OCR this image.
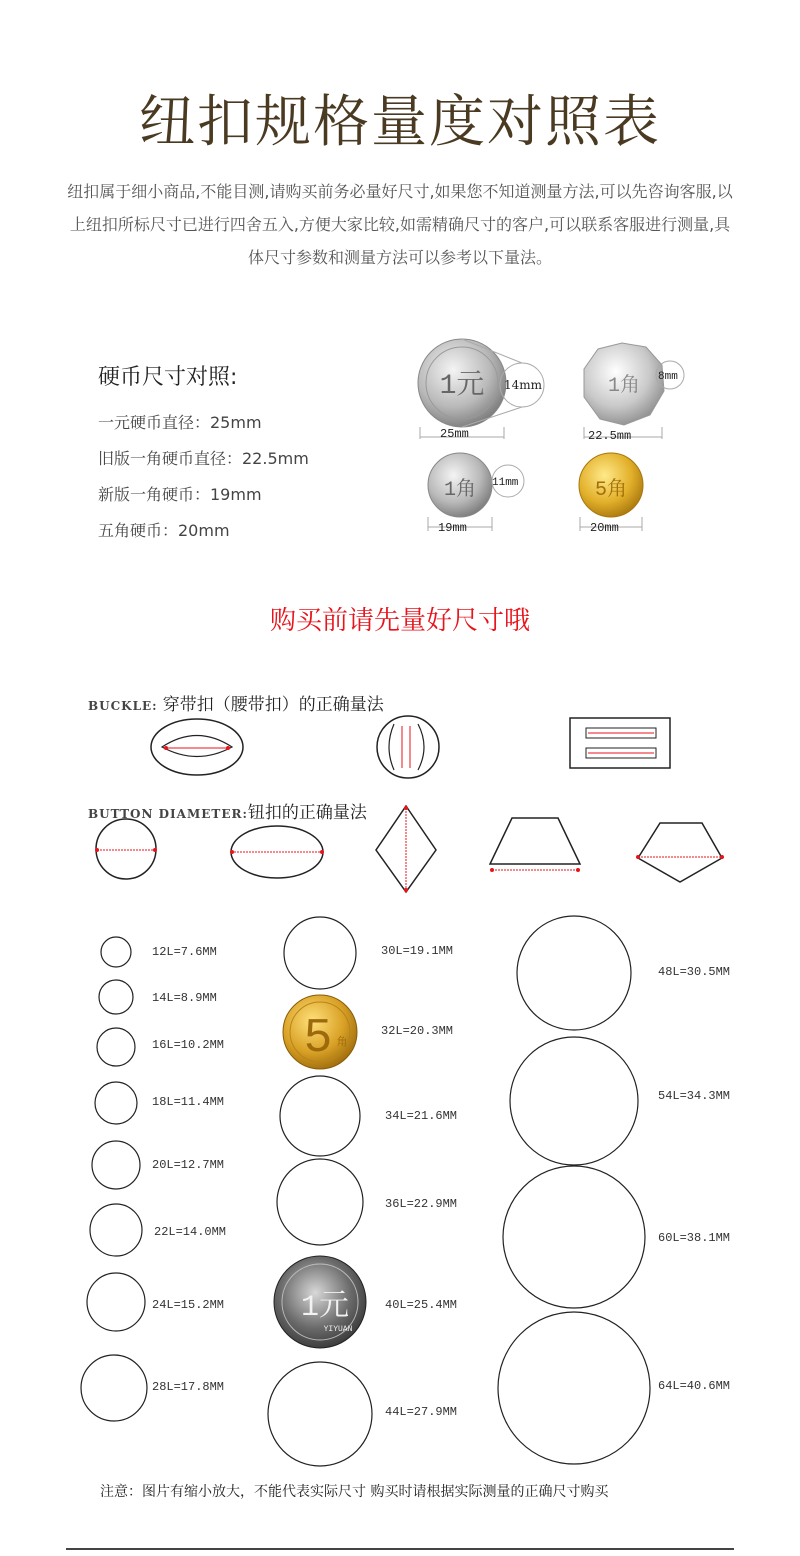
纽扣规格量度对照表
纽扣属于细小商品,不能目测,请购买前务必量好尺寸,如果您不知道测量方法,可以先咨询客服,以上纽扣所标尺寸已进行四舍五入,方便大家比较,如需精确尺寸的客户,可以联系客服进行测量,具体尺寸参数和测量方法可以参考以下量法。
硬币尺寸对照:
一元硬币直径：25mm
旧版一角硬币直径：22.5mm
新版一角硬币：19mm
五角硬币：20mm
1元 14mm
25mm
1角 8mm
22.5mm
1角 11mm
19mm
5角
20mm
购买前请先量好尺寸哦
BUCKLE: 穿带扣（腰带扣）的正确量法
BUTTON DIAMETER:钮扣的正确量法
5 角
1元
YIYUAN
12L=7.6MM
14L=8.9MM
16L=10.2MM
18L=11.4MM
20L=12.7MM
22L=14.0MM
24L=15.2MM
28L=17.8MM
30L=19.1MM
32L=20.3MM
34L=21.6MM
36L=22.9MM
40L=25.4MM
44L=27.9MM
48L=30.5MM
54L=34.3MM
60L=38.1MM
64L=40.6MM
注意：图片有缩小放大，不能代表实际尺寸 购买时请根据实际测量的正确尺寸购买
